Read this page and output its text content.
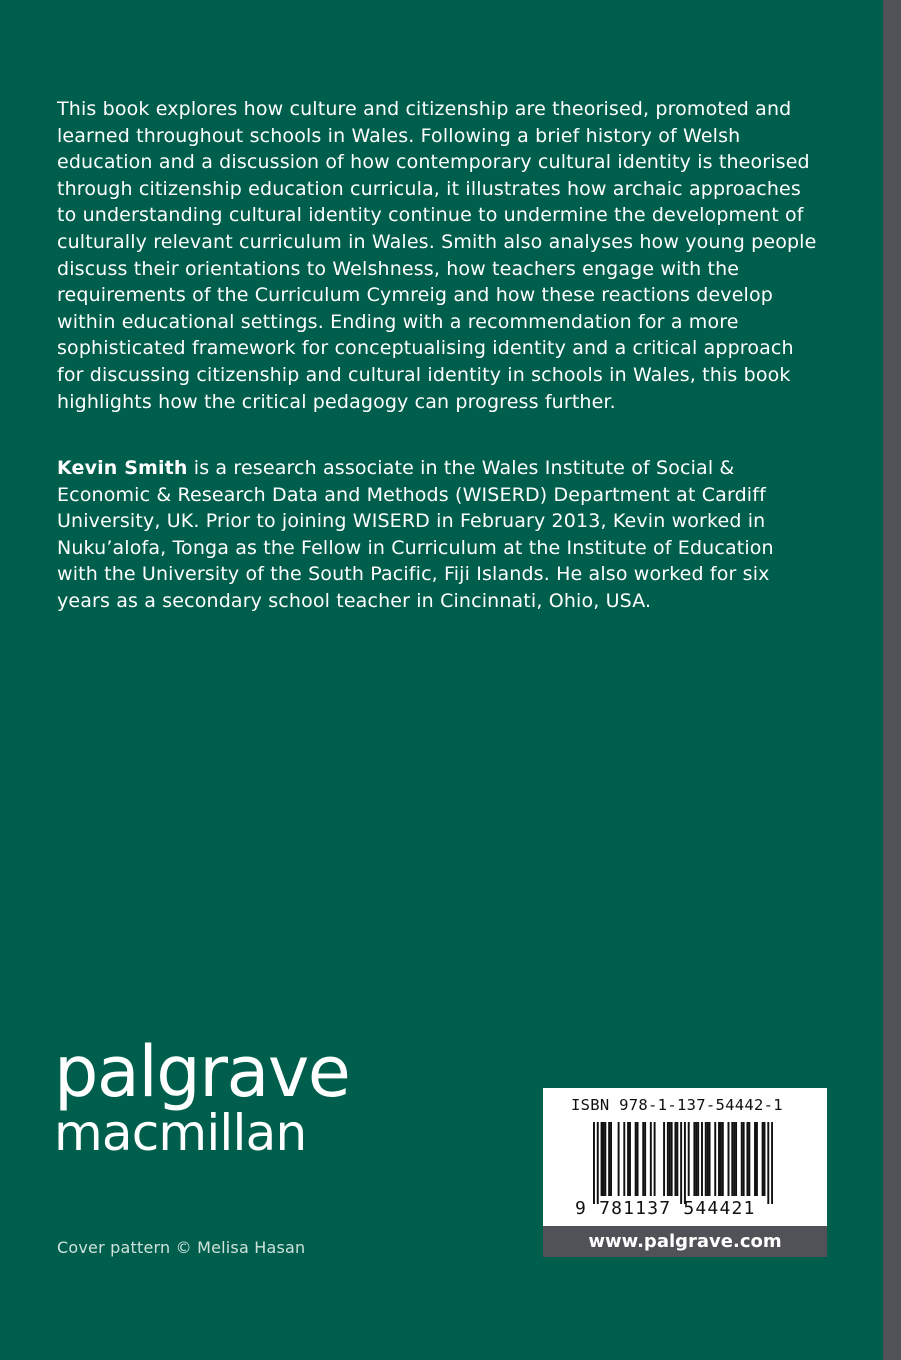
This book explores how culture and citizenship are theorised, promoted and learned throughout schools in Wales. Following a brief history of Welsh education and a discussion of how contemporary cultural identity is theorised through citizenship education curricula, it illustrates how archaic approaches to understanding cultural identity continue to undermine the development of culturally relevant curriculum in Wales. Smith also analyses how young people discuss their orientations to Welshness, how teachers engage with the requirements of the Curriculum Cymreig and how these reactions develop within educational settings. Ending with a recommendation for a more sophisticated framework for conceptualising identity and a critical approach for discussing citizenship and cultural identity in schools in Wales, this book highlights how the critical pedagogy can progress further.

Kevin Smith is a research associate in the Wales Institute of Social & Economic & Research Data and Methods (WISERD) Department at Cardiff University, UK. Prior to joining WISERD in February 2013, Kevin worked in Nuku’alofa, Tonga as the Fellow in Curriculum at the Institute of Education with the University of the South Pacific, Fiji Islands. He also worked for six years as a secondary school teacher in Cincinnati, Ohio, USA.

palgrave
macmillan
Cover pattern © Melisa Hasan
ISBN 978-1-137-54442-1
9 781137 544421
www.palgrave.com
